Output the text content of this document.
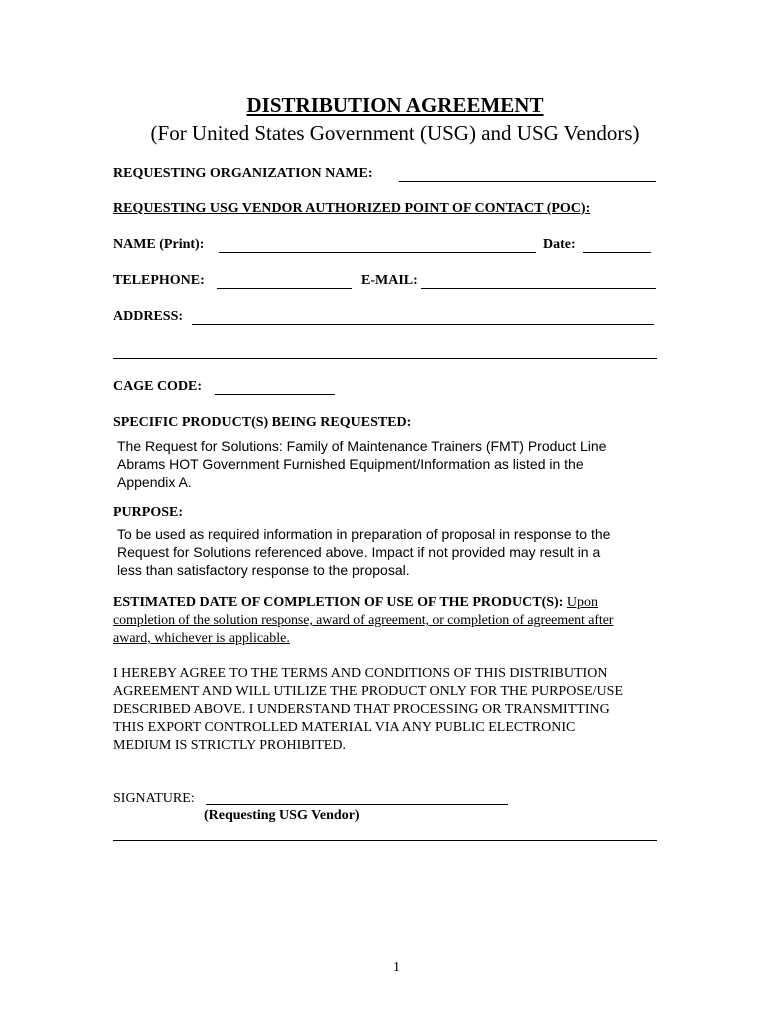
DISTRIBUTION AGREEMENT
(For United States Government (USG) and USG Vendors)
REQUESTING ORGANIZATION NAME:
REQUESTING USG VENDOR AUTHORIZED POINT OF CONTACT (POC):
NAME (Print):	Date:
TELEPHONE:	E-MAIL:
ADDRESS:
CAGE CODE:
SPECIFIC PRODUCT(S) BEING REQUESTED:
The Request for Solutions: Family of Maintenance Trainers (FMT) Product Line
Abrams HOT Government Furnished Equipment/Information as listed in the
Appendix A.
PURPOSE:
To be used as required information in preparation of proposal in response to the
Request for Solutions referenced above. Impact if not provided may result in a
less than satisfactory response to the proposal.
ESTIMATED DATE OF COMPLETION OF USE OF THE PRODUCT(S): Upon
completion of the solution response, award of agreement, or completion of agreement after
award, whichever is applicable.
I HEREBY AGREE TO THE TERMS AND CONDITIONS OF THIS DISTRIBUTION
AGREEMENT AND WILL UTILIZE THE PRODUCT ONLY FOR THE PURPOSE/USE
DESCRIBED ABOVE. I UNDERSTAND THAT PROCESSING OR TRANSMITTING
THIS EXPORT CONTROLLED MATERIAL VIA ANY PUBLIC ELECTRONIC
MEDIUM IS STRICTLY PROHIBITED.
SIGNATURE:
(Requesting USG Vendor)
1
